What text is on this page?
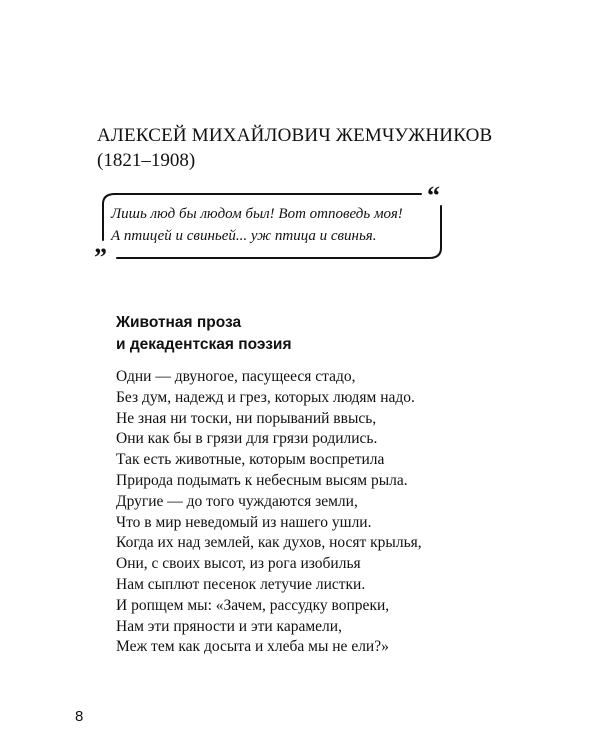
АЛЕКСЕЙ МИХАЙЛОВИЧ ЖЕМЧУЖНИКОВ
(1821–1908)
“
”
Лишь люд бы людом был! Вот отповедь моя!
А птицей и свиньей... уж птица и свинья.
Животная проза
и декадентская поэзия
Одни — двуногое, пасущееся стадо,
Без дум, надежд и грез, которых людям надо.
Не зная ни тоски, ни порываний ввысь,
Они как бы в грязи для грязи родились.
Так есть животные, которым воспретила
Природа подымать к небесным высям рыла.
Другие — до того чуждаются земли,
Что в мир неведомый из нашего ушли.
Когда их над землей, как духов, носят крылья,
Они, с своих высот, из рога изобилья
Нам сыплют песенок летучие листки.
И ропщем мы: «Зачем, рассудку вопреки,
Нам эти пряности и эти карамели,
Меж тем как досыта и хлеба мы не ели?»
8
